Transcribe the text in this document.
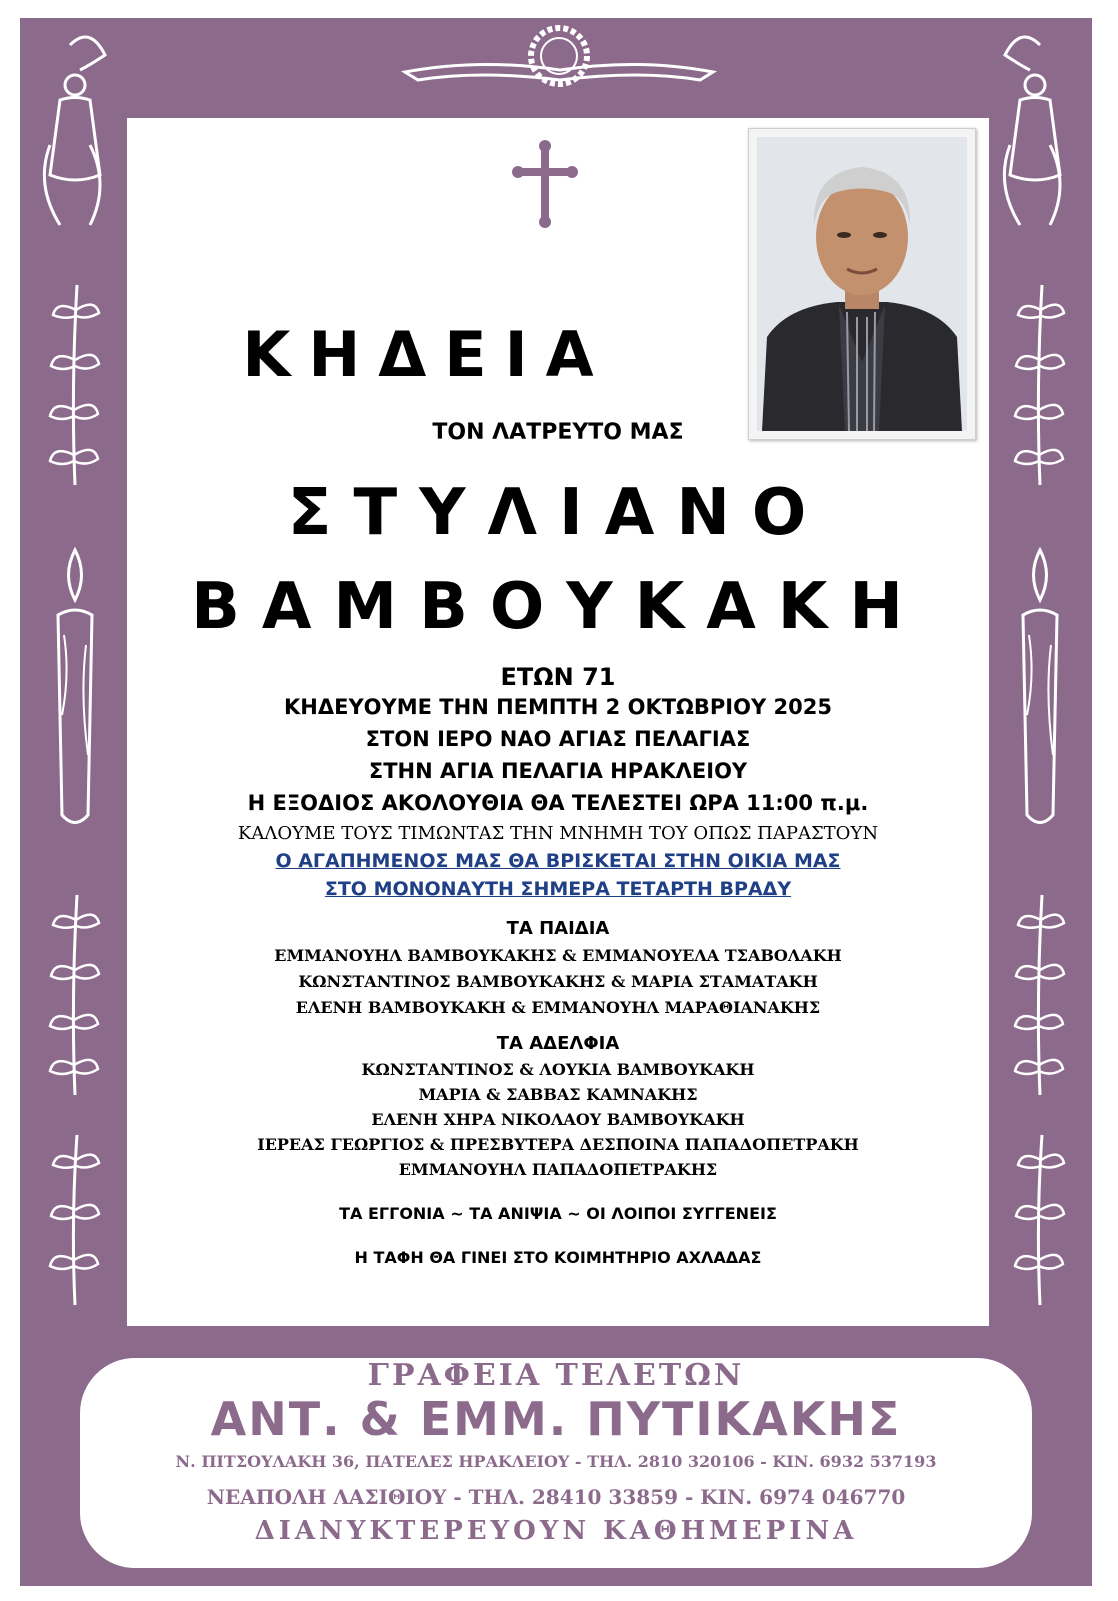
ΚΗΔΕΙΑ
ΤΟΝ ΛΑΤΡΕΥΤΟ ΜΑΣ
ΣΤΥΛΙΑΝΟ
ΒΑΜΒΟΥΚΑΚΗ
ΕΤΩΝ 71
ΚΗΔΕΥΟΥΜΕ ΤΗΝ ΠΕΜΠΤΗ 2 ΟΚΤΩΒΡΙΟΥ 2025
ΣΤΟΝ ΙΕΡΟ ΝΑΟ ΑΓΙΑΣ ΠΕΛΑΓΙΑΣ
ΣΤΗΝ ΑΓΙΑ ΠΕΛΑΓΙΑ ΗΡΑΚΛΕΙΟΥ
Η ΕΞΟΔΙΟΣ ΑΚΟΛΟΥΘΙΑ ΘΑ ΤΕΛΕΣΤΕΙ ΩΡΑ 11:00 π.μ.
ΚΑΛΟΥΜΕ ΤΟΥΣ ΤΙΜΩΝΤΑΣ ΤΗΝ ΜΝΗΜΗ ΤΟΥ ΟΠΩΣ ΠΑΡΑΣΤΟΥΝ
Ο ΑΓΑΠΗΜΕΝΟΣ ΜΑΣ ΘΑ ΒΡΙΣΚΕΤΑΙ ΣΤΗΝ ΟΙΚΙΑ ΜΑΣ
ΣΤΟ ΜΟΝΟΝΑΥΤΗ ΣΗΜΕΡΑ ΤΕΤΑΡΤΗ ΒΡΑΔΥ
ΤΑ ΠΑΙΔΙΑ
ΕΜΜΑΝΟΥΗΛ ΒΑΜΒΟΥΚΑΚΗΣ & ΕΜΜΑΝΟΥΕΛΑ ΤΣΑΒΟΛΑΚΗ
ΚΩΝΣΤΑΝΤΙΝΟΣ ΒΑΜΒΟΥΚΑΚΗΣ & ΜΑΡΙΑ ΣΤΑΜΑΤΑΚΗ
ΕΛΕΝΗ ΒΑΜΒΟΥΚΑΚΗ & ΕΜΜΑΝΟΥΗΛ ΜΑΡΑΘΙΑΝΑΚΗΣ
ΤΑ ΑΔΕΛΦΙΑ
ΚΩΝΣΤΑΝΤΙΝΟΣ & ΛΟΥΚΙΑ ΒΑΜΒΟΥΚΑΚΗ
ΜΑΡΙΑ & ΣΑΒΒΑΣ ΚΑΜΝΑΚΗΣ
ΕΛΕΝΗ ΧΗΡΑ ΝΙΚΟΛΑΟΥ ΒΑΜΒΟΥΚΑΚΗ
ΙΕΡΕΑΣ ΓΕΩΡΓΙΟΣ & ΠΡΕΣΒΥΤΕΡΑ ΔΕΣΠΟΙΝΑ ΠΑΠΑΔΟΠΕΤΡΑΚΗ
ΕΜΜΑΝΟΥΗΛ ΠΑΠΑΔΟΠΕΤΡΑΚΗΣ
ΤΑ ΕΓΓΟΝΙΑ ~ ΤΑ ΑΝΙΨΙΑ ~ ΟΙ ΛΟΙΠΟΙ ΣΥΓΓΕΝΕΙΣ
Η ΤΑΦΗ ΘΑ ΓΙΝΕΙ ΣΤΟ ΚΟΙΜΗΤΗΡΙΟ ΑΧΛΑΔΑΣ
ΓΡΑΦΕΙΑ ΤΕΛΕΤΩΝ
ΑΝΤ. & ΕΜΜ. ΠΥΤΙΚΑΚΗΣ
Ν. ΠΙΤΣΟΥΛΑΚΗ 36, ΠΑΤΕΛΕΣ ΗΡΑΚΛΕΙΟΥ - ΤΗΛ. 2810 320106 - ΚΙΝ. 6932 537193
ΝΕΑΠΟΛΗ ΛΑΣΙΘΙΟΥ - ΤΗΛ. 28410 33859 - ΚΙΝ. 6974 046770
ΔΙΑΝΥΚΤΕΡΕΥΟΥΝ ΚΑΘΗΜΕΡΙΝΑ
